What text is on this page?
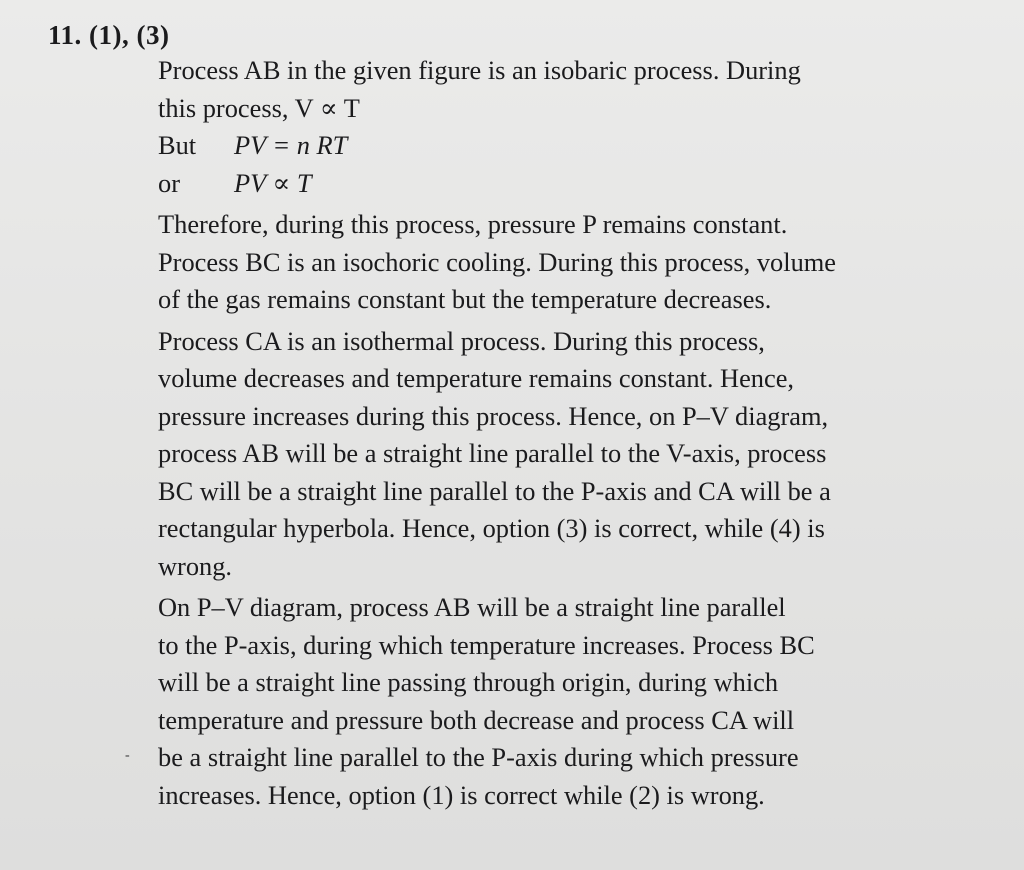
11. (1), (3)
Process AB in the given figure is an isobaric process. During
this process, V ∝ T
But	PV = n RT
or	PV ∝ T
Therefore, during this process, pressure P remains constant.
Process BC is an isochoric cooling. During this process, volume
of the gas remains constant but the temperature decreases.
Process CA is an isothermal process. During this process,
volume decreases and temperature remains constant. Hence,
pressure increases during this process. Hence, on P–V diagram,
process AB will be a straight line parallel to the V-axis, process
BC will be a straight line parallel to the P-axis and CA will be a
rectangular hyperbola. Hence, option (3) is correct, while (4) is
wrong.
On P–V diagram, process AB will be a straight line parallel
to the P-axis, during which temperature increases. Process BC
will be a straight line passing through origin, during which
temperature and pressure both decrease and process CA will
be a straight line parallel to the P-axis during which pressure
increases. Hence, option (1) is correct while (2) is wrong.
-
